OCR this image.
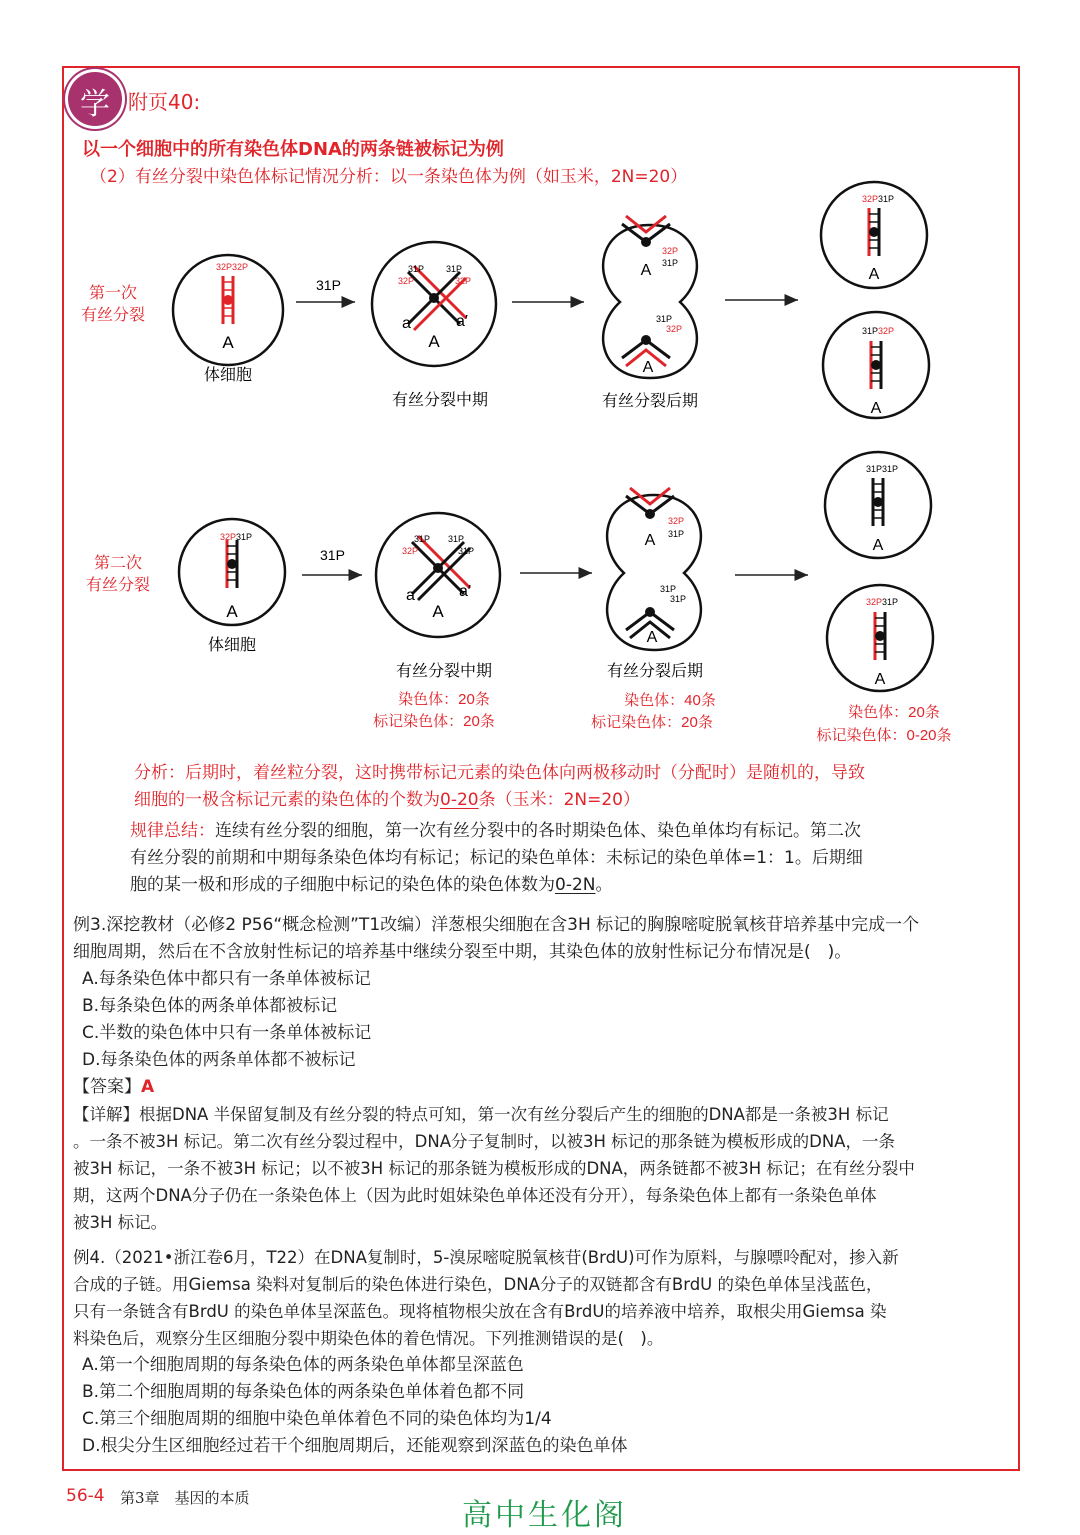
学 附页40:
以一个细胞中的所有染色体DNA的两条链被标记为例
（2）有丝分裂中染色体标记情况分析：以一条染色体为例（如玉米，2N=20）
第一次
有丝分裂
32P32P
A
体细胞
31P
31P 31P
32P	32P
a	a′
A
有丝分裂中期
32P
31P
A
31P
32P
A
有丝分裂后期
32P31P
A
31P32P
A
第二次
有丝分裂
32P31P
A
体细胞
31P
31P 31P
32P	31P
a	a′
A
有丝分裂中期
染色体：20条
标记染色体：20条
32P
31P
A
31P
31P
A
有丝分裂后期
染色体：40条
标记染色体：20条
31P31P
A
32P31P
A
染色体：20条
标记染色体：0-20条
分析：后期时，着丝粒分裂，这时携带标记元素的染色体向两极移动时（分配时）是随机的，导致
细胞的一极含标记元素的染色体的个数为0-20条（玉米：2N=20）
规律总结：连续有丝分裂的细胞，第一次有丝分裂中的各时期染色体、染色单体均有标记。第二次
有丝分裂的前期和中期每条染色体均有标记；标记的染色单体：未标记的染色单体=1：1。后期细
胞的某一极和形成的子细胞中标记的染色体的染色体数为0-2N。
例3.深挖教材（必修2 P56“概念检测”T1改编）洋葱根尖细胞在含3H 标记的胸腺嘧啶脱氧核苷培养基中完成一个
细胞周期，然后在不含放射性标记的培养基中继续分裂至中期，其染色体的放射性标记分布情况是(　)。
A.每条染色体中都只有一条单体被标记
B.每条染色体的两条单体都被标记
C.半数的染色体中只有一条单体被标记
D.每条染色体的两条单体都不被标记
【答案】A
【详解】根据DNA 半保留复制及有丝分裂的特点可知，第一次有丝分裂后产生的细胞的DNA都是一条被3H 标记
。一条不被3H 标记。第二次有丝分裂过程中，DNA分子复制时，以被3H 标记的那条链为模板形成的DNA，一条
被3H 标记，一条不被3H 标记；以不被3H 标记的那条链为模板形成的DNA，两条链都不被3H 标记；在有丝分裂中
期，这两个DNA分子仍在一条染色体上（因为此时姐妹染色单体还没有分开），每条染色体上都有一条染色单体
被3H 标记。
例4.（2021•浙江卷6月，T22）在DNA复制时，5-溴尿嘧啶脱氧核苷(BrdU)可作为原料，与腺嘌呤配对，掺入新
合成的子链。用Giemsa 染料对复制后的染色体进行染色，DNA分子的双链都含有BrdU 的染色单体呈浅蓝色，
只有一条链含有BrdU 的染色单体呈深蓝色。现将植物根尖放在含有BrdU的培养液中培养，取根尖用Giemsa 染
料染色后，观察分生区细胞分裂中期染色体的着色情况。下列推测错误的是(　)。
A.第一个细胞周期的每条染色体的两条染色单体都呈深蓝色
B.第二个细胞周期的每条染色体的两条染色单体着色都不同
C.第三个细胞周期的细胞中染色单体着色不同的染色体均为1/4
D.根尖分生区细胞经过若干个细胞周期后，还能观察到深蓝色的染色单体
56-4 第3章　基因的本质	高中生化阁
